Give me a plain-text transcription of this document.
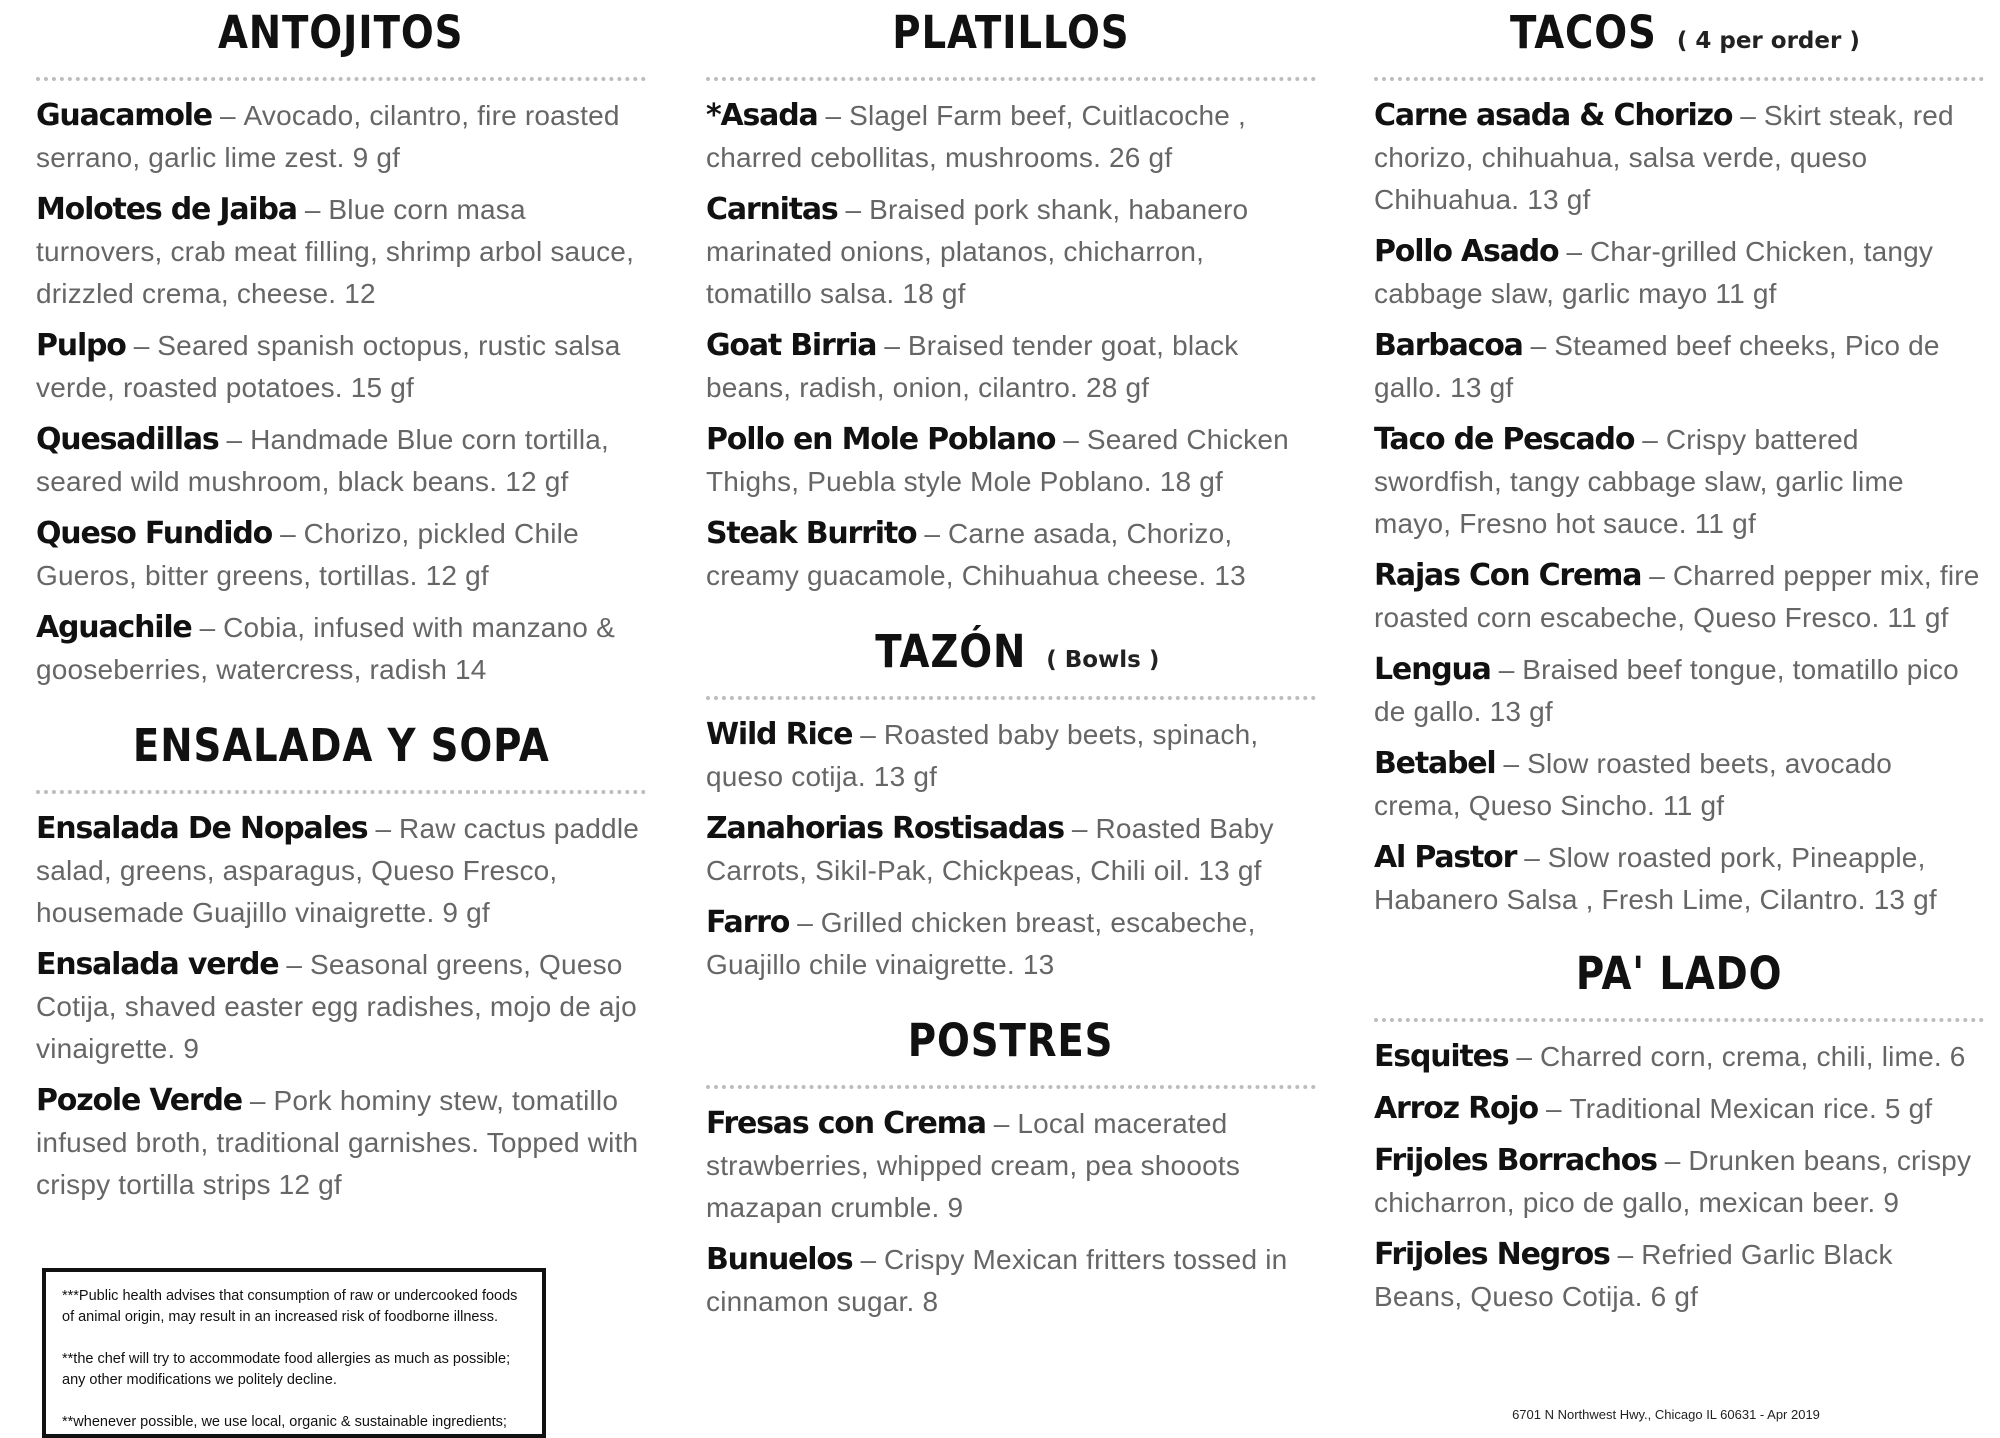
ANTOJITOS
Guacamole – Avocado, cilantro, fire roasted serrano, garlic lime zest. 9 gf
Molotes de Jaiba – Blue corn masa turnovers, crab meat filling, shrimp arbol sauce, drizzled crema, cheese. 12
Pulpo – Seared spanish octopus, rustic salsa verde, roasted potatoes. 15 gf
Quesadillas – Handmade Blue corn tortilla, seared wild mushroom, black beans. 12 gf
Queso Fundido – Chorizo, pickled Chile Gueros, bitter greens, tortillas. 12 gf
Aguachile – Cobia, infused with manzano & gooseberries, watercress, radish 14
ENSALADA Y SOPA
Ensalada De Nopales – Raw cactus paddle salad, greens, asparagus, Queso Fresco, housemade Guajillo vinaigrette. 9 gf
Ensalada verde – Seasonal greens, Queso Cotija, shaved easter egg radishes, mojo de ajo vinaigrette. 9
Pozole Verde – Pork hominy stew, tomatillo infused broth, traditional garnishes. Topped with crispy tortilla strips 12 gf
PLATILLOS
*Asada – Slagel Farm beef, Cuitlacoche , charred cebollitas, mushrooms. 26 gf
Carnitas – Braised pork shank, habanero marinated onions, platanos, chicharron, tomatillo salsa. 18 gf
Goat Birria – Braised tender goat, black beans, radish, onion, cilantro. 28 gf
Pollo en Mole Poblano – Seared Chicken Thighs, Puebla style Mole Poblano. 18 gf
Steak Burrito – Carne asada, Chorizo, creamy guacamole, Chihuahua cheese. 13
TAZÓN ( Bowls )
Wild Rice – Roasted baby beets, spinach, queso cotija. 13 gf
Zanahorias Rostisadas – Roasted Baby Carrots, Sikil-Pak, Chickpeas, Chili oil. 13 gf
Farro – Grilled chicken breast, escabeche, Guajillo chile vinaigrette. 13
POSTRES
Fresas con Crema – Local macerated strawberries, whipped cream, pea shooots mazapan crumble. 9
Bunuelos – Crispy Mexican fritters tossed in cinnamon sugar. 8
TACOS ( 4 per order )
Carne asada & Chorizo – Skirt steak, red chorizo, chihuahua, salsa verde, queso Chihuahua. 13 gf
Pollo Asado – Char-grilled Chicken, tangy cabbage slaw, garlic mayo 11 gf
Barbacoa – Steamed beef cheeks, Pico de gallo. 13 gf
Taco de Pescado – Crispy battered swordfish, tangy cabbage slaw, garlic lime mayo, Fresno hot sauce. 11 gf
Rajas Con Crema – Charred pepper mix, fire roasted corn escabeche, Queso Fresco. 11 gf
Lengua – Braised beef tongue, tomatillo pico de gallo. 13 gf
Betabel – Slow roasted beets, avocado crema, Queso Sincho. 11 gf
Al Pastor – Slow roasted pork, Pineapple, Habanero Salsa , Fresh Lime, Cilantro. 13 gf
PA' LADO
Esquites – Charred corn, crema, chili, lime. 6
Arroz Rojo – Traditional Mexican rice. 5 gf
Frijoles Borrachos – Drunken beans, crispy chicharron, pico de gallo, mexican beer. 9
Frijoles Negros – Refried Garlic Black Beans, Queso Cotija. 6 gf

***Public health advises that consumption of raw or undercooked foods of animal origin, may result in an increased risk of foodborne illness.

**the chef will try to accommodate food allergies as much as possible; any other modifications we politely decline.

**whenever possible, we use local, organic & sustainable ingredients;	6701 N Northwest Hwy., Chicago IL 60631 - Apr 2019
